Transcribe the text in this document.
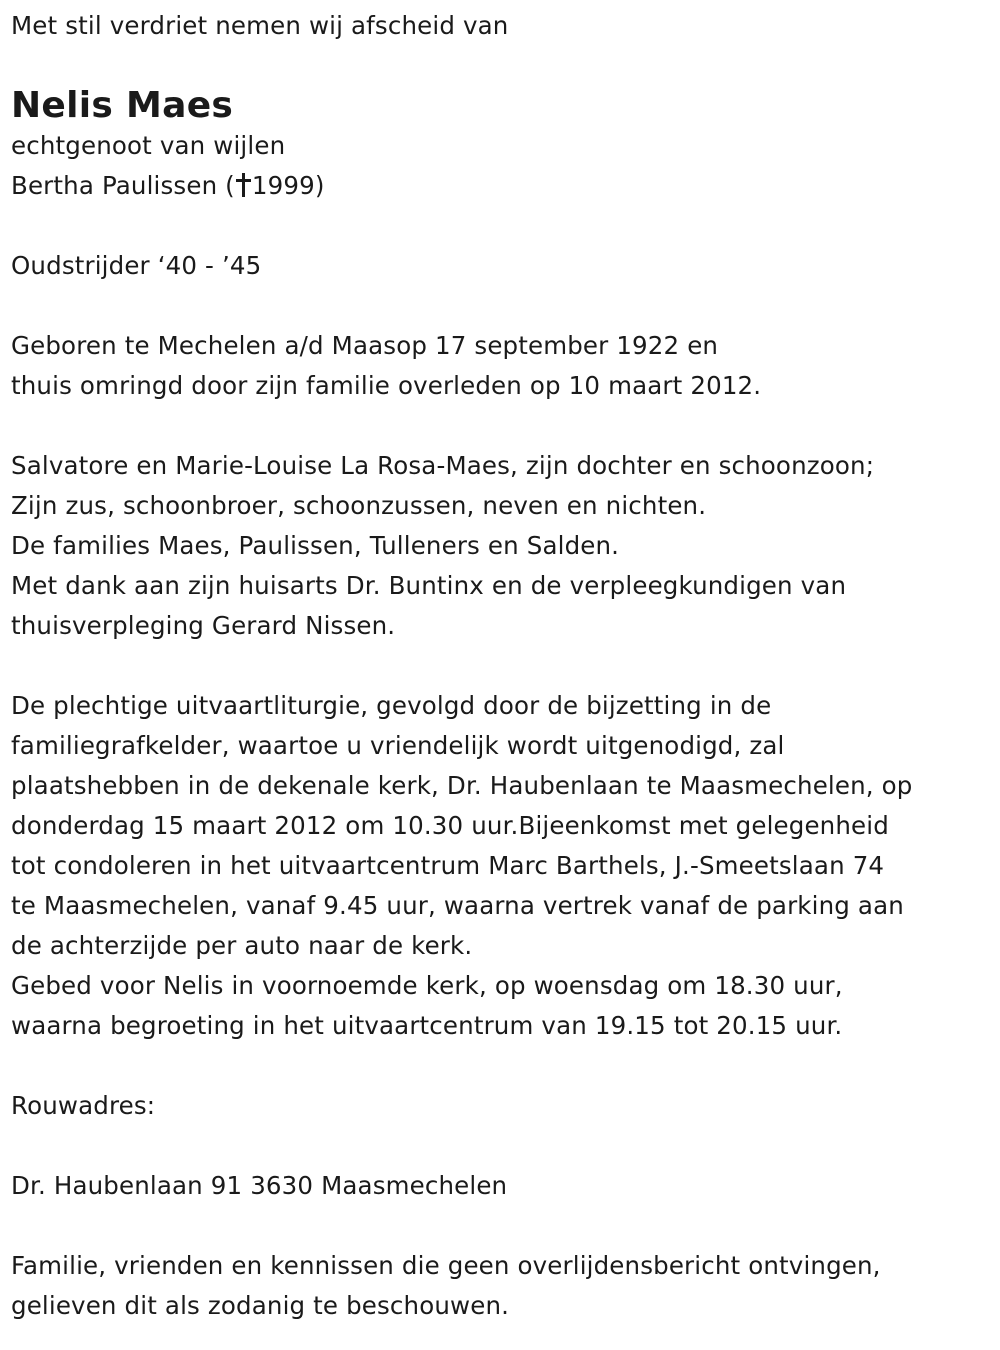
Met stil verdriet nemen wij afscheid van
Nelis Maes
echtgenoot van wijlen
Bertha Paulissen ( 1999)
Oudstrijder ‘40 - ’45
Geboren te Mechelen a/d Maasop 17 september 1922 en
thuis omringd door zijn familie overleden op 10 maart 2012.
Salvatore en Marie-Louise La Rosa-Maes, zijn dochter en schoonzoon;
Zijn zus, schoonbroer, schoonzussen, neven en nichten.
De families Maes, Paulissen, Tulleners en Salden.
Met dank aan zijn huisarts Dr. Buntinx en de verpleegkundigen van
thuisverpleging Gerard Nissen.
De plechtige uitvaartliturgie, gevolgd door de bijzetting in de
familiegrafkelder, waartoe u vriendelijk wordt uitgenodigd, zal
plaatshebben in de dekenale kerk, Dr. Haubenlaan te Maasmechelen, op
donderdag 15 maart 2012 om 10.30 uur.Bijeenkomst met gelegenheid
tot condoleren in het uitvaartcentrum Marc Barthels, J.-Smeetslaan 74
te Maasmechelen, vanaf 9.45 uur, waarna vertrek vanaf de parking aan
de achterzijde per auto naar de kerk.
Gebed voor Nelis in voornoemde kerk, op woensdag om 18.30 uur,
waarna begroeting in het uitvaartcentrum van 19.15 tot 20.15 uur.
Rouwadres:
Dr. Haubenlaan 91 3630 Maasmechelen
Familie, vrienden en kennissen die geen overlijdensbericht ontvingen,
gelieven dit als zodanig te beschouwen.
